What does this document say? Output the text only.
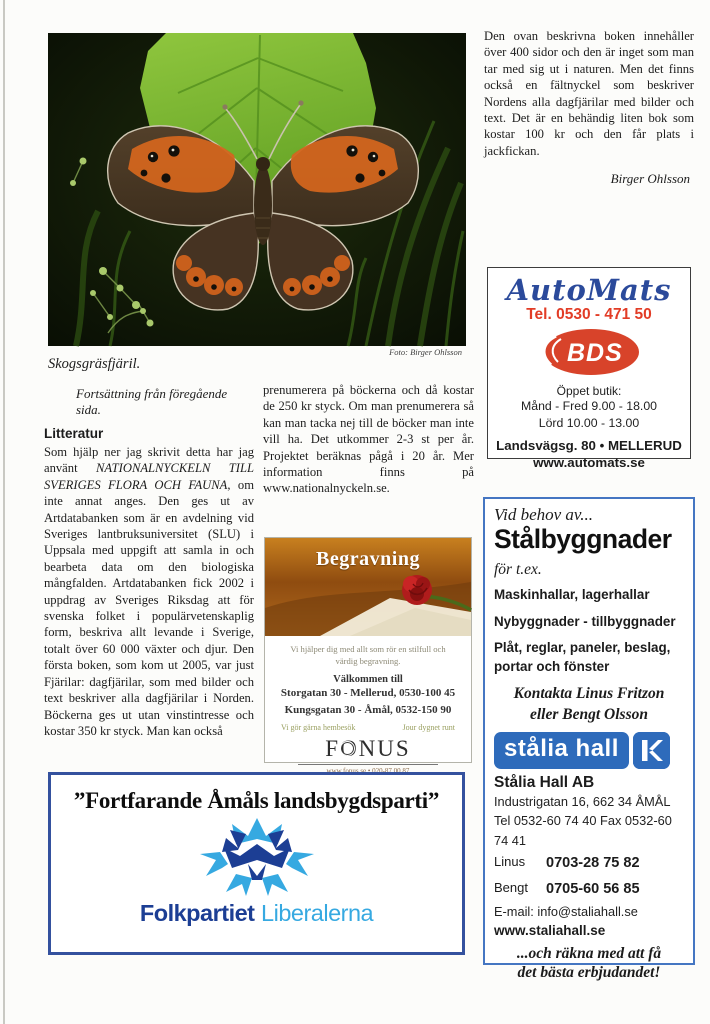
Foto: Birger Ohlsson
Skogsgräsfjäril.
Fortsättning från föregående sida.
Litteratur

Som hjälp ner jag skrivit detta har jag använt NATIONALNYCKELN TILL SVERIGES FLORA OCH FAUNA, om inte annat anges. Den ges ut av Artdatabanken som är en avdelning vid Sveriges lantbruksuniversitet (SLU) i Uppsala med uppgift att samla in och bearbeta data om den biologiska mångfalden. Artdatabanken fick 2002 i uppdrag av Sveriges Riksdag att för svenska folket i populärvetenskaplig form, beskriva allt levande i Sverige, totalt över 60 000 växter och djur. Den första boken, som kom ut 2005, var just Fjärilar: dagfjärilar, som med bilder och text beskriver alla dagfjärilar i Norden. Böckerna ges ut utan vinstintresse och kostar 350 kr styck. Man kan också

prenumerera på böckerna och då kostar de 250 kr styck. Om man prenumerera så kan man tacka nej till de böcker man inte vill ha. Det utkommer 2-3 st per år. Projektet beräknas pågå i 20 år. Mer information finns på www.nationalnyckeln.se.

Den ovan beskrivna boken innehåller över 400 sidor och den är inget som man tar med sig ut i naturen. Men det finns också en fältnyckel som beskriver Nordens alla dagfjärilar med bilder och text. Det är en behändig liten bok som kostar 100 kr och den får plats i jackfickan.

Birger Ohlsson
AutoMats
Tel. 0530 - 471 50
BDS
Öppet butik:
Månd - Fred 9.00 - 18.00
Lörd 10.00 - 13.00
Landsvägsg. 80 • MELLERUD
www.automats.se
Begravning
Vi hjälper dig med allt som rör en stilfull och värdig begravning.
Välkommen till
Storgatan 30 - Mellerud, 0530-100 45
Kungsgatan 30 - Åmål, 0532-150 90
Vi gör gärna hembesök	Jour dygnet runt
FONUS
Vid behov av...
Stålbyggnader
för t.ex.
Maskinhallar, lagerhallar
Nybyggnader - tillbyggnader
Plåt, reglar, paneler, beslag, portar och fönster
Kontakta Linus Fritzon
eller Bengt Olsson
stålia hall
Stålia Hall AB
Industrigatan 16, 662 34 ÅMÅL
Tel 0532-60 74 40 Fax 0532-60 74 41
Linus	0703-28 75 82
Bengt	0705-60 56 85
E-mail: info@staliahall.se
www.staliahall.se
...och räkna med att få
det bästa erbjudandet!
”Fortfarande Åmåls landsbygdsparti”
Folkpartiet Liberalerna
